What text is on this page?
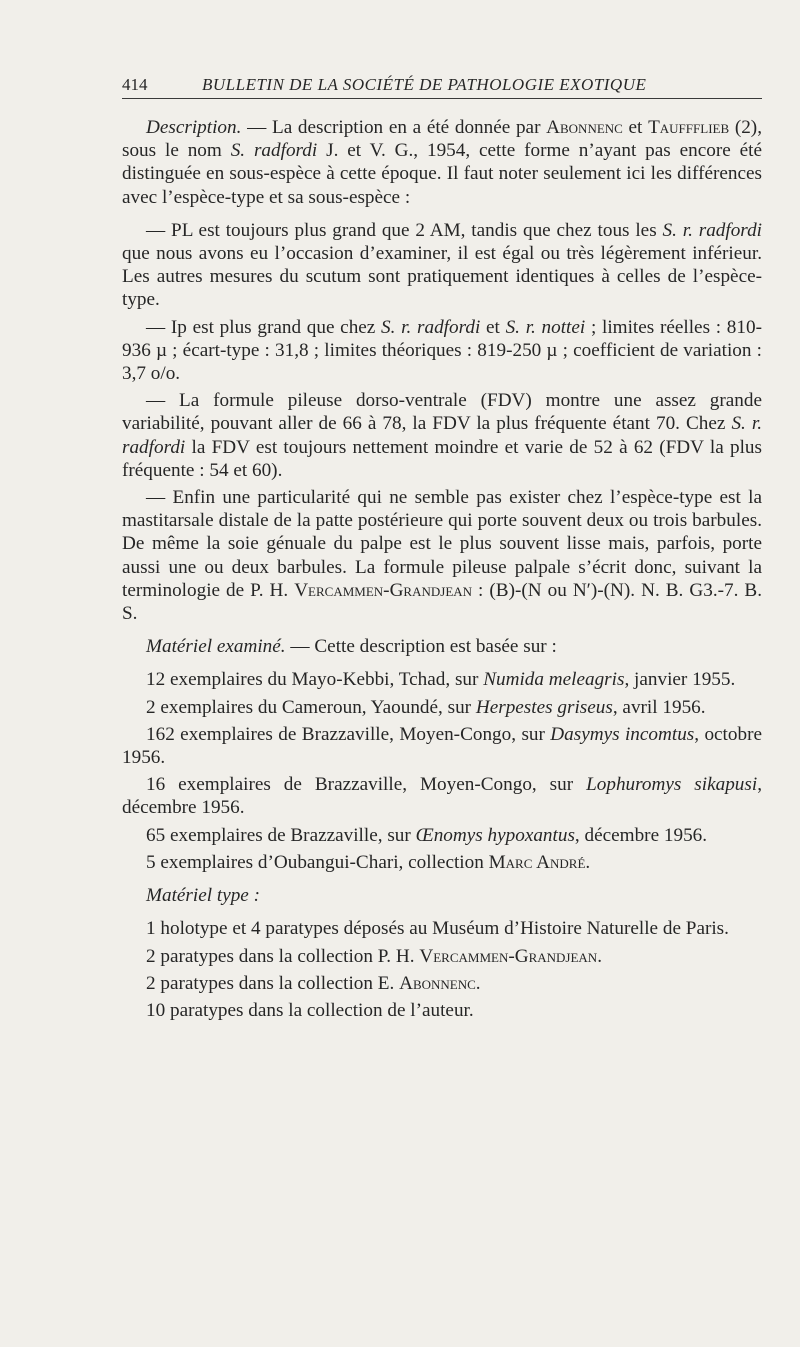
414	BULLETIN DE LA SOCIÉTÉ DE PATHOLOGIE EXOTIQUE

Description. — La description en a été donnée par Abonnenc et Tauffflieb (2), sous le nom S. radfordi J. et V. G., 1954, cette forme n’ayant pas encore été distinguée en sous-espèce à cette époque. Il faut noter seulement ici les différences avec l’espèce-type et sa sous-espèce :

— PL est toujours plus grand que 2 AM, tandis que chez tous les S. r. radfordi que nous avons eu l’occasion d’examiner, il est égal ou très légèrement inférieur. Les autres mesures du scutum sont pratiquement identiques à celles de l’espèce-type.

— Ip est plus grand que chez S. r. radfordi et S. r. nottei ; limites réelles : 810-936 µ ; écart-type : 31,8 ; limites théoriques : 819-250 µ ; coefficient de variation : 3,7 o/o.

— La formule pileuse dorso-ventrale (FDV) montre une assez grande variabilité, pouvant aller de 66 à 78, la FDV la plus fréquente étant 70. Chez S. r. radfordi la FDV est toujours nettement moindre et varie de 52 à 62 (FDV la plus fréquente : 54 et 60).

— Enfin une particularité qui ne semble pas exister chez l’espèce-type est la mastitarsale distale de la patte postérieure qui porte souvent deux ou trois barbules. De même la soie génuale du palpe est le plus souvent lisse mais, parfois, porte aussi une ou deux barbules. La formule pileuse palpale s’écrit donc, suivant la terminologie de P. H. Vercammen-Grandjean : (B)-(N ou N′)-(N). N. B. G3.-7. B. S.

Matériel examiné. — Cette description est basée sur :

12 exemplaires du Mayo-Kebbi, Tchad, sur Numida meleagris, janvier 1955.

2 exemplaires du Cameroun, Yaoundé, sur Herpestes griseus, avril 1956.

162 exemplaires de Brazzaville, Moyen-Congo, sur Dasymys incomtus, octobre 1956.

16 exemplaires de Brazzaville, Moyen-Congo, sur Lophuromys sikapusi, décembre 1956.

65 exemplaires de Brazzaville, sur Œnomys hypoxantus, décembre 1956.

5 exemplaires d’Oubangui-Chari, collection Marc André.

Matériel type :

1 holotype et 4 paratypes déposés au Muséum d’Histoire Naturelle de Paris.

2 paratypes dans la collection P. H. Vercammen-Grandjean.

2 paratypes dans la collection E. Abonnenc.

10 paratypes dans la collection de l’auteur.
